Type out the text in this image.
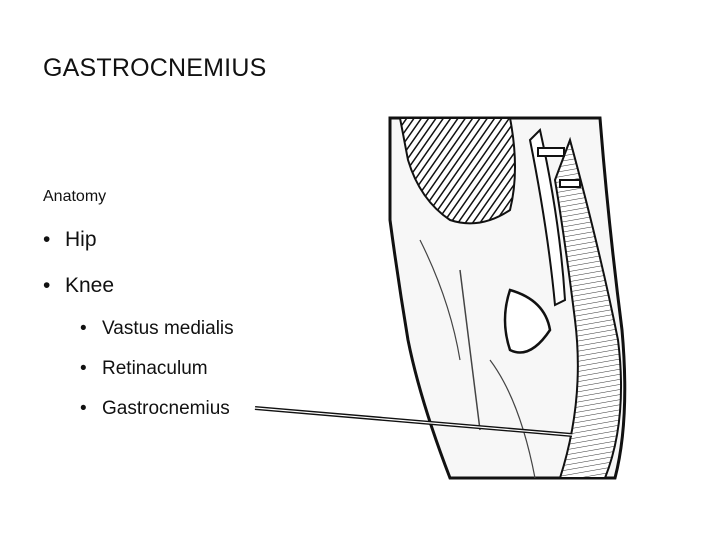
GASTROCNEMIUS
Anatomy
• Hip
• Knee
• Vastus medialis
• Retinaculum
• Gastrocnemius
